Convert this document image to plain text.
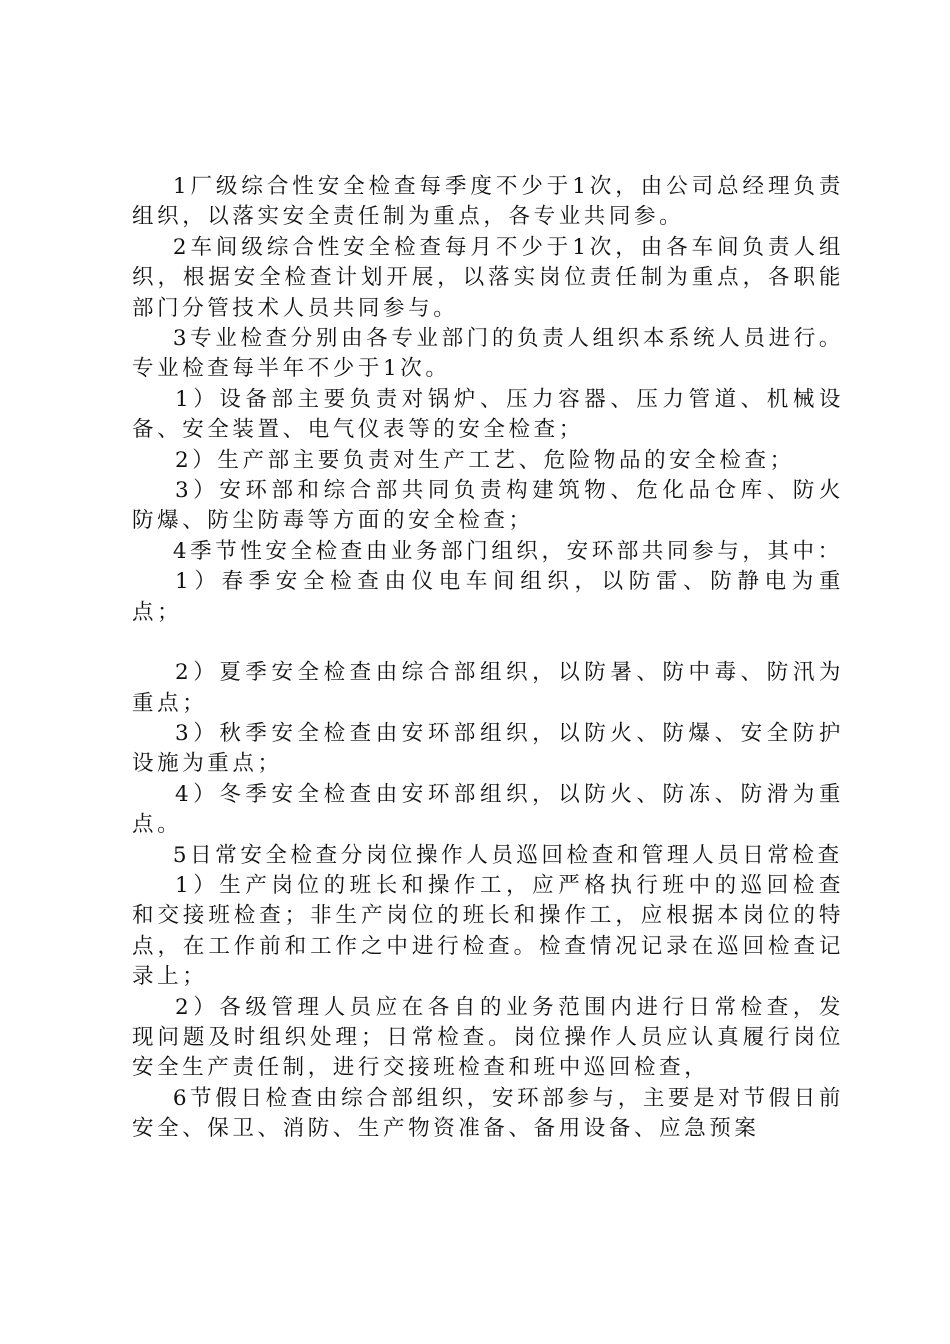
1厂级综合性安全检查每季度不少于1次，由公司总经理负责组织，以落实安全责任制为重点，各专业共同参。

2车间级综合性安全检查每月不少于1次，由各车间负责人组织，根据安全检查计划开展，以落实岗位责任制为重点，各职能部门分管技术人员共同参与。

3专业检查分别由各专业部门的负责人组织本系统人员进行。专业检查每半年不少于1次。

1）设备部主要负责对锅炉、压力容器、压力管道、机械设备、安全装置、电气仪表等的安全检查；

2）生产部主要负责对生产工艺、危险物品的安全检查；

3）安环部和综合部共同负责构建筑物、危化品仓库、防火防爆、防尘防毒等方面的安全检查；

4季节性安全检查由业务部门组织，安环部共同参与，其中：

1）春季安全检查由仪电车间组织，以防雷、防静电为重点；

2）夏季安全检查由综合部组织，以防暑、防中毒、防汛为重点；

3）秋季安全检查由安环部组织，以防火、防爆、安全防护设施为重点；

4）冬季安全检查由安环部组织，以防火、防冻、防滑为重点。

5日常安全检查分岗位操作人员巡回检查和管理人员日常检查

1）生产岗位的班长和操作工，应严格执行班中的巡回检查和交接班检查；非生产岗位的班长和操作工，应根据本岗位的特点，在工作前和工作之中进行检查。检查情况记录在巡回检查记录上；

2）各级管理人员应在各自的业务范围内进行日常检查，发现问题及时组织处理；日常检查。岗位操作人员应认真履行岗位安全生产责任制，进行交接班检查和班中巡回检查，

6节假日检查由综合部组织，安环部参与，主要是对节假日前安全、保卫、消防、生产物资准备、备用设备、应急预案
